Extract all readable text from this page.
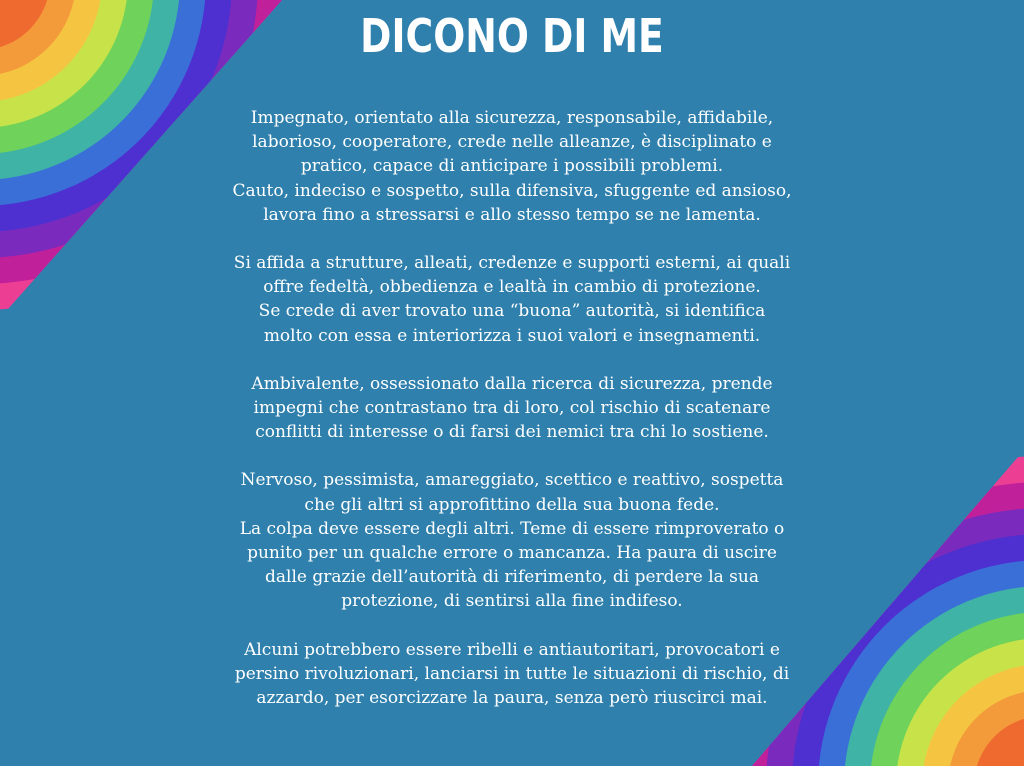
DICONO DI ME

Impegnato, orientato alla sicurezza, responsabile, affidabile,
laborioso, cooperatore, crede nelle alleanze, è disciplinato e
pratico, capace di anticipare i possibili problemi.
Cauto, indeciso e sospetto, sulla difensiva, sfuggente ed ansioso,
lavora fino a stressarsi e allo stesso tempo se ne lamenta.

Si affida a strutture, alleati, credenze e supporti esterni, ai quali
offre fedeltà, obbedienza e lealtà in cambio di protezione.
Se crede di aver trovato una “buona” autorità, si identifica
molto con essa e interiorizza i suoi valori e insegnamenti.

Ambivalente, ossessionato dalla ricerca di sicurezza, prende
impegni che contrastano tra di loro, col rischio di scatenare
conflitti di interesse o di farsi dei nemici tra chi lo sostiene.

Nervoso, pessimista, amareggiato, scettico e reattivo, sospetta
che gli altri si approfittino della sua buona fede.
La colpa deve essere degli altri. Teme di essere rimproverato o
punito per un qualche errore o mancanza. Ha paura di uscire
dalle grazie dell’autorità di riferimento, di perdere la sua
protezione, di sentirsi alla fine indifeso.

Alcuni potrebbero essere ribelli e antiautoritari, provocatori e
persino rivoluzionari, lanciarsi in tutte le situazioni di rischio, di
azzardo, per esorcizzare la paura, senza però riuscirci mai.
